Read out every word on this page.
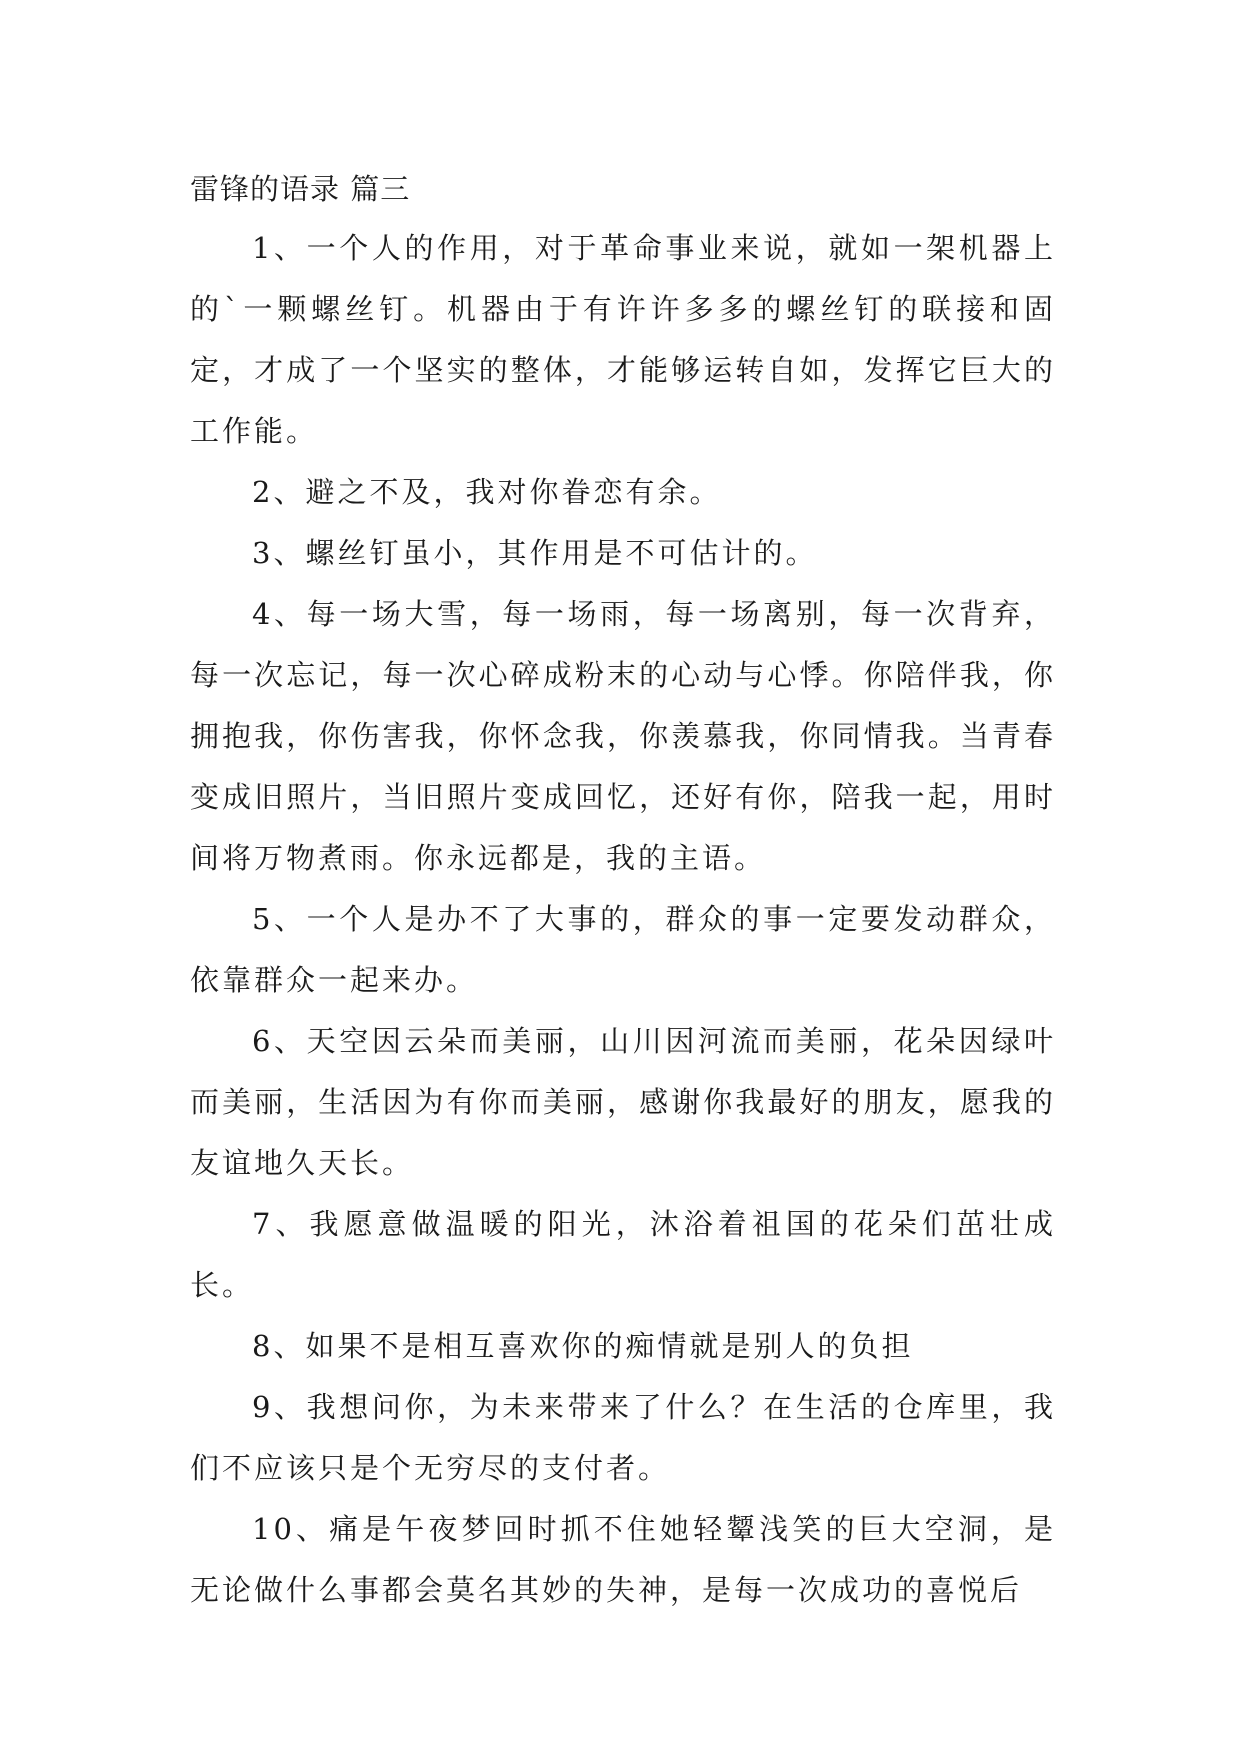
雷锋的语录 篇三

1、一个人的作用，对于革命事业来说，就如一架机器上的`一颗螺丝钉。机器由于有许许多多的螺丝钉的联接和固定，才成了一个坚实的整体，才能够运转自如，发挥它巨大的工作能。

2、避之不及，我对你眷恋有余。

3、螺丝钉虽小，其作用是不可估计的。

4、每一场大雪，每一场雨，每一场离别，每一次背弃，每一次忘记，每一次心碎成粉末的心动与心悸。你陪伴我，你拥抱我，你伤害我，你怀念我，你羡慕我，你同情我。当青春变成旧照片，当旧照片变成回忆，还好有你，陪我一起，用时间将万物煮雨。你永远都是，我的主语。

5、一个人是办不了大事的，群众的事一定要发动群众，依靠群众一起来办。

6、天空因云朵而美丽，山川因河流而美丽，花朵因绿叶而美丽，生活因为有你而美丽，感谢你我最好的朋友，愿我的友谊地久天长。

7、我愿意做温暖的阳光，沐浴着祖国的花朵们茁壮成长。

8、如果不是相互喜欢你的痴情就是别人的负担

9、我想问你，为未来带来了什么？在生活的仓库里，我们不应该只是个无穷尽的支付者。

10、痛是午夜梦回时抓不住她轻颦浅笑的巨大空洞，是无论做什么事都会莫名其妙的失神，是每一次成功的喜悦后
